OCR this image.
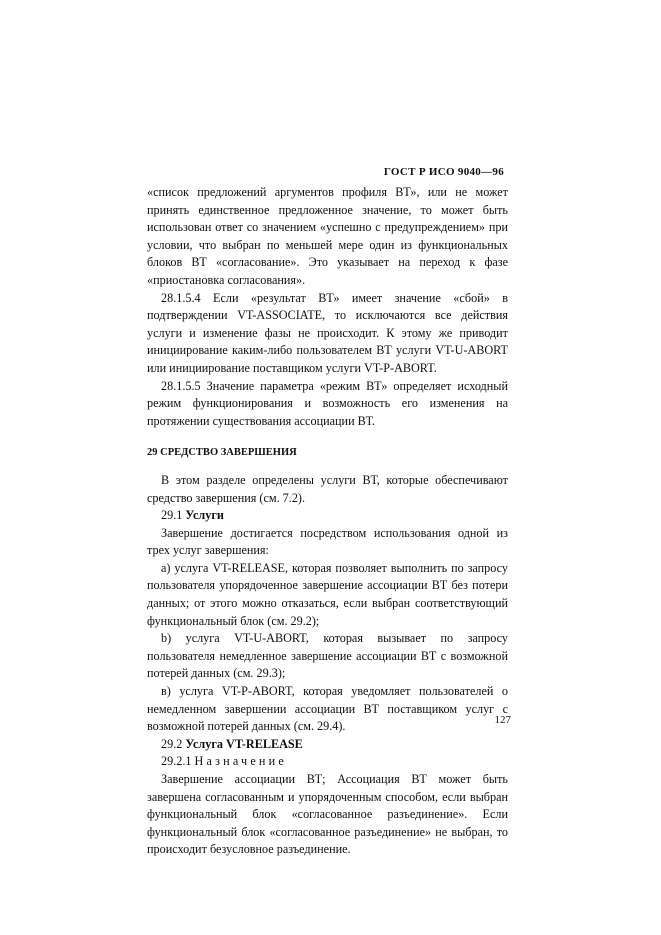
ГОСТ Р ИСО 9040—96

«список предложений аргументов профиля ВТ», или не может принять единственное предложенное значение, то может быть использован ответ со значением «успешно с предупреждением» при условии, что выбран по меньшей мере один из функциональных блоков ВТ «согласование». Это указывает на переход к фазе «приостановка согласования».

28.1.5.4 Если «результат ВТ» имеет значение «сбой» в подтверждении VT-ASSOCIATE, то исключаются все действия услуги и изменение фазы не происходит. К этому же приводит инициирование каким-либо пользователем ВТ услуги VT-U-ABORT или инициирование поставщиком услуги VT-P-ABORT.

28.1.5.5 Значение параметра «режим ВТ» определяет исходный режим функционирования и возможность его изменения на протяжении существования ассоциации ВТ.

29 СРЕДСТВО ЗАВЕРШЕНИЯ

В этом разделе определены услуги ВТ, которые обеспечивают средство завершения (см. 7.2).

29.1 Услуги

Завершение достигается посредством использования одной из трех услуг завершения:

а) услуга VT-RELEASE, которая позволяет выполнить по запросу пользователя упорядоченное завершение ассоциации ВТ без потери данных; от этого можно отказаться, если выбран соответствующий функциональный блок (см. 29.2);

b) услуга VT-U-ABORT, которая вызывает по запросу пользователя немедленное завершение ассоциации ВТ с возможной потерей данных (см. 29.3);

в) услуга VT-P-ABORT, которая уведомляет пользователей о немедленном завершении ассоциации ВТ поставщиком услуг с возможной потерей данных (см. 29.4).

29.2 Услуга VT-RELEASE

29.2.1 Назначение

Завершение ассоциации ВТ; Ассоциация ВТ может быть завершена согласованным и упорядоченным способом, если выбран функциональный блок «согласованное разъединение». Если функциональный блок «согласованное разъединение» не выбран, то происходит безусловное разъединение.

127
